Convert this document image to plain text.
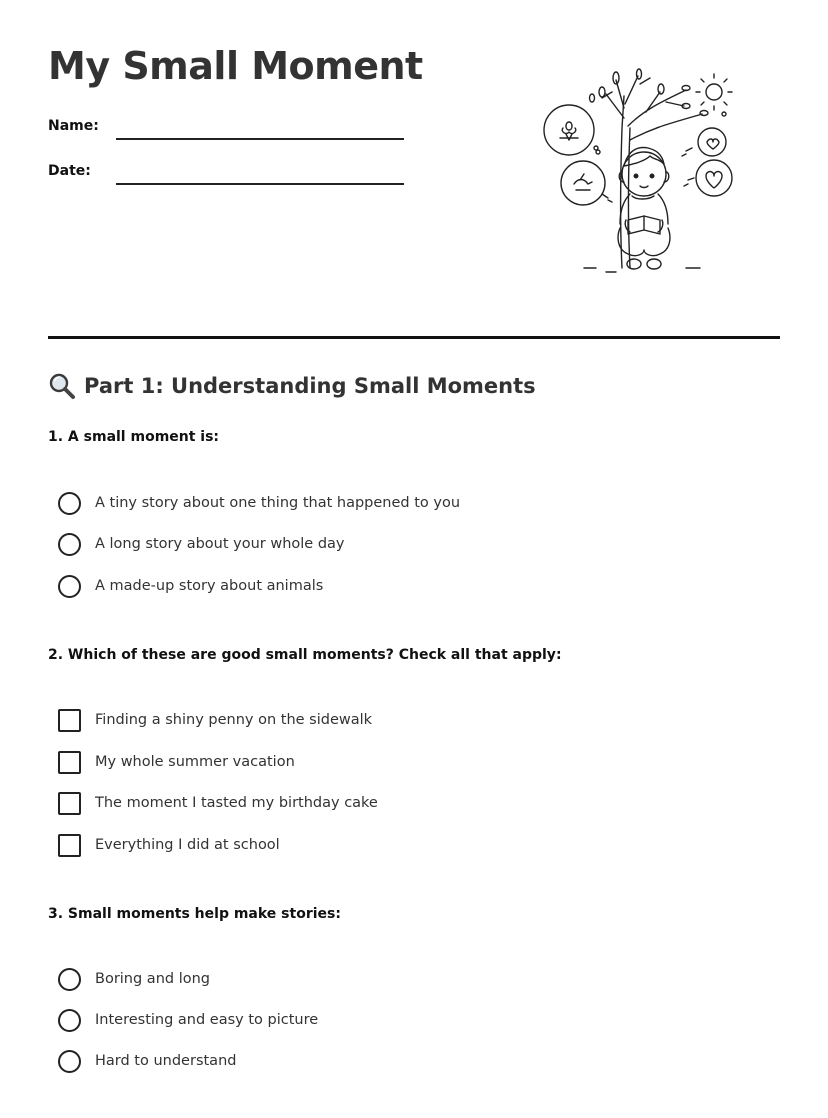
My Small Moment
Name:
Date:
Part 1: Understanding Small Moments
1. A small moment is:
A tiny story about one thing that happened to you
A long story about your whole day
A made-up story about animals
2. Which of these are good small moments? Check all that apply:
Finding a shiny penny on the sidewalk
My whole summer vacation
The moment I tasted my birthday cake
Everything I did at school
3. Small moments help make stories:
Boring and long
Interesting and easy to picture
Hard to understand
